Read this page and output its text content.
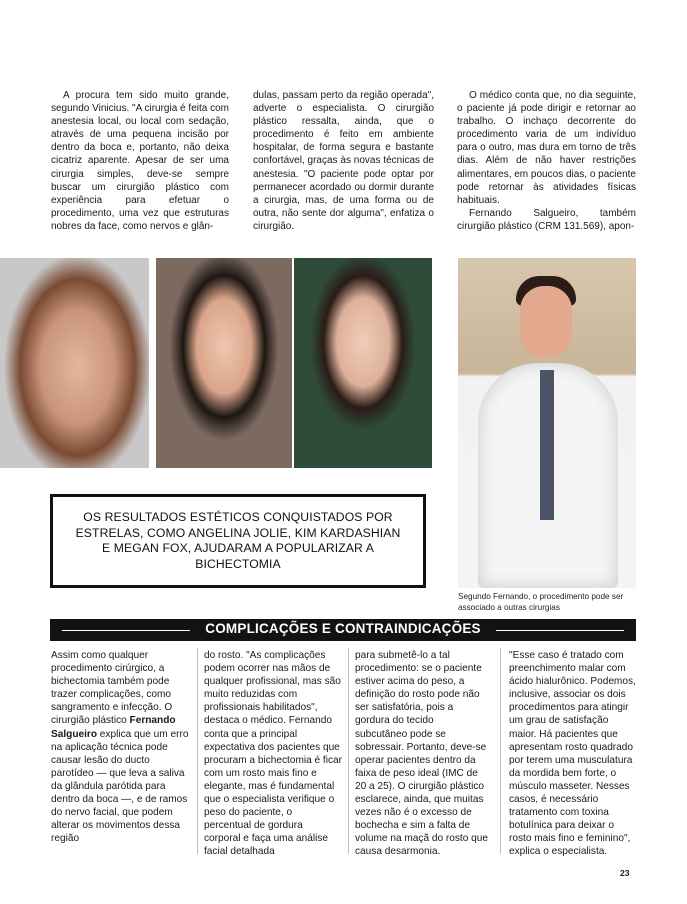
A procura tem sido muito grande, segundo Vinicius. "A cirurgia é feita com anestesia local, ou local com sedação, através de uma pequena incisão por dentro da boca e, portanto, não deixa cicatriz aparente. Apesar de ser uma cirurgia simples, deve-se sempre buscar um cirurgião plástico com experiência para efetuar o procedimento, uma vez que estruturas nobres da face, como nervos e glân-

dulas, passam perto da região operada", adverte o especialista. O cirurgião plástico ressalta, ainda, que o procedimento é feito em ambiente hospitalar, de forma segura e bastante confortável, graças às novas técnicas de anestesia. "O paciente pode optar por permanecer acordado ou dormir durante a cirurgia, mas, de uma forma ou de outra, não sente dor alguma", enfatiza o cirurgião.

O médico conta que, no dia seguinte, o paciente já pode dirigir e retornar ao trabalho. O inchaço decorrente do procedimento varia de um indivíduo para o outro, mas dura em torno de três dias. Além de não haver restrições alimentares, em poucos dias, o paciente pode retornar às atividades físicas habituais.

Fernando Salgueiro, também cirurgião plástico (CRM 131.569), apon-

OS RESULTADOS ESTÉTICOS CONQUISTADOS POR ESTRELAS, COMO ANGELINA JOLIE, KIM KARDASHIAN E MEGAN FOX, AJUDARAM A POPULARIZAR A BICHECTOMIA
Segundo Fernando, o procedimento pode ser associado a outras cirurgias
COMPLICAÇÕES E CONTRAINDICAÇÕES

Assim como qualquer procedimento cirúrgico, a bichectomia também pode trazer complicações, como sangramento e infecção. O cirurgião plástico Fernando Salgueiro explica que um erro na aplicação técnica pode causar lesão do ducto parotídeo — que leva a saliva da glândula parótida para dentro da boca —, e de ramos do nervo facial, que podem alterar os movimentos dessa região

do rosto. "As complicações podem ocorrer nas mãos de qualquer profissional, mas são muito reduzidas com profissionais habilitados", destaca o médico. Fernando conta que a principal expectativa dos pacientes que procuram a bichectomia é ficar com um rosto mais fino e elegante, mas é fundamental que o especialista verifique o peso do paciente, o percentual de gordura corporal e faça uma análise facial detalhada

para submetê-lo a tal procedimento: se o paciente estiver acima do peso, a definição do rosto pode não ser satisfatória, pois a gordura do tecido subcutâneo pode se sobressair. Portanto, deve-se operar pacientes dentro da faixa de peso ideal (IMC de 20 a 25). O cirurgião plástico esclarece, ainda, que muitas vezes não é o excesso de bochecha e sim a falta de volume na maçã do rosto que causa desarmonia.

"Esse caso é tratado com preenchimento malar com ácido hialurônico. Podemos, inclusive, associar os dois procedimentos para atingir um grau de satisfação maior. Há pacientes que apresentam rosto quadrado por terem uma musculatura da mordida bem forte, o músculo masseter. Nesses casos, é necessário tratamento com toxina botulínica para deixar o rosto mais fino e feminino", explica o especialista.

23
